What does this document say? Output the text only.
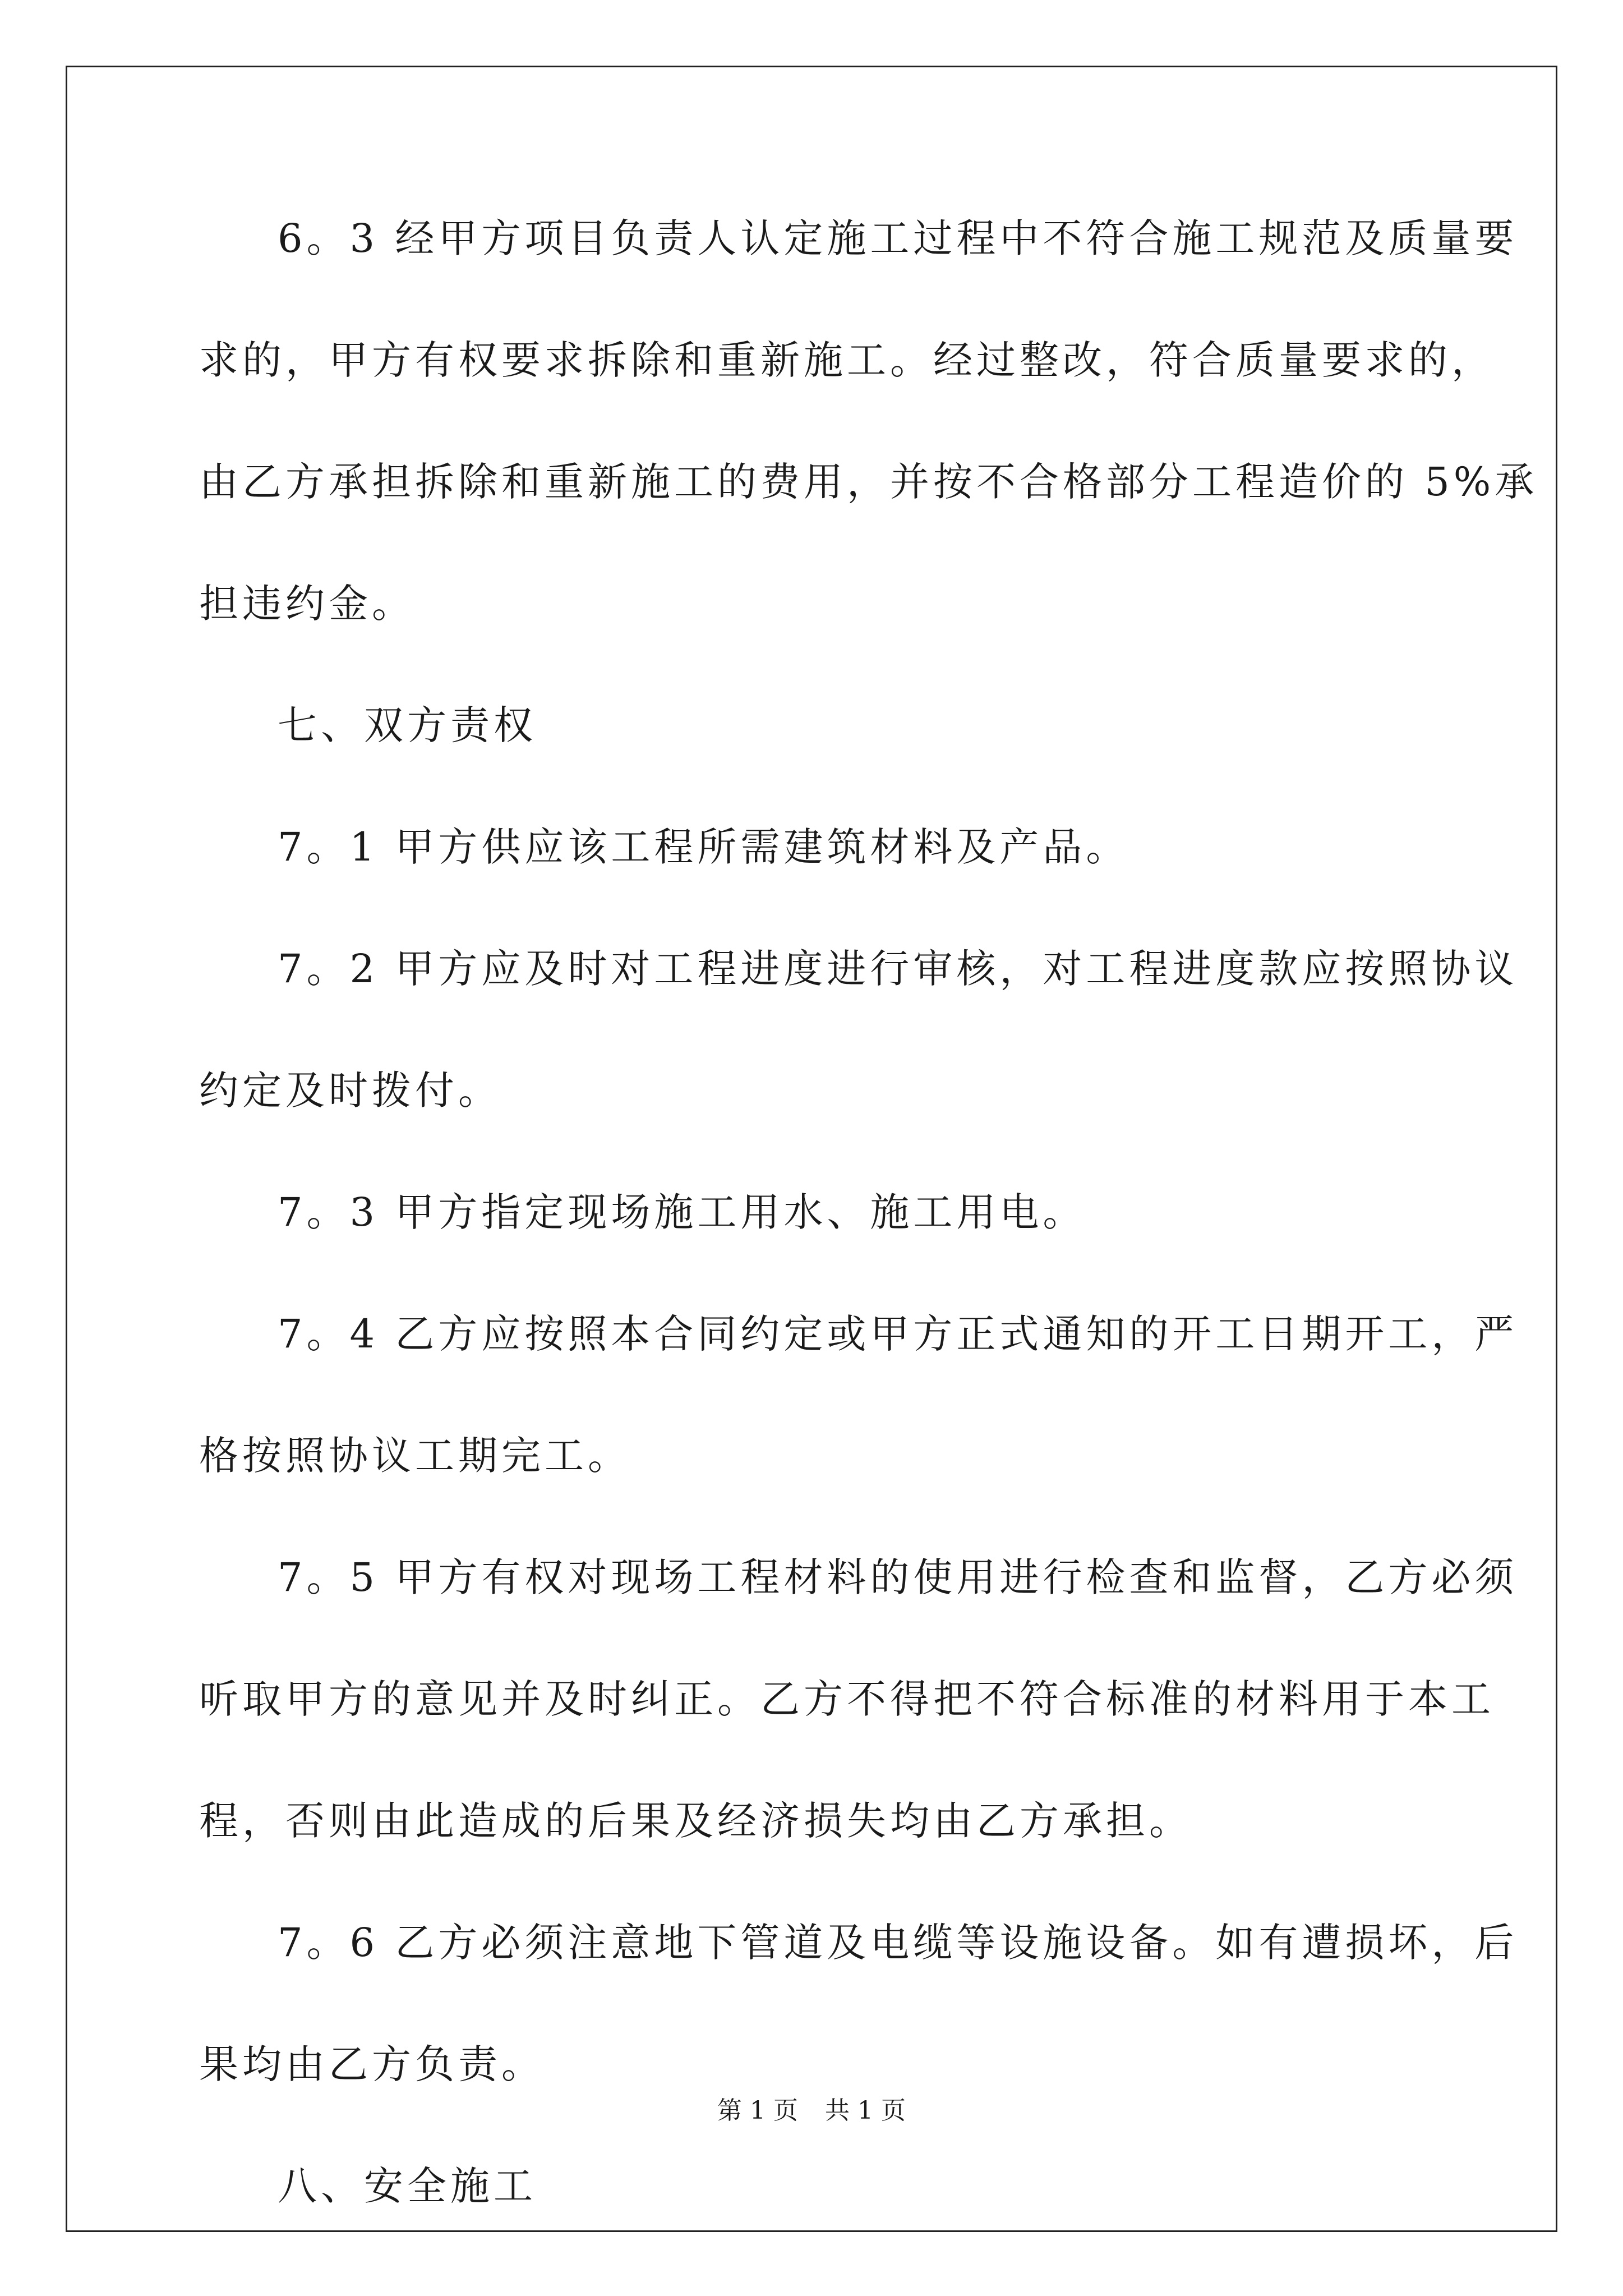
6。3 经甲方项目负责人认定施工过程中不符合施工规范及质量要
求的，甲方有权要求拆除和重新施工。经过整改，符合质量要求的，
由乙方承担拆除和重新施工的费用，并按不合格部分工程造价的 5%承
担违约金。
七、双方责权
7。1 甲方供应该工程所需建筑材料及产品。
7。2 甲方应及时对工程进度进行审核，对工程进度款应按照协议
约定及时拨付。
7。3 甲方指定现场施工用水、施工用电。
7。4 乙方应按照本合同约定或甲方正式通知的开工日期开工，严
格按照协议工期完工。
7。5 甲方有权对现场工程材料的使用进行检查和监督，乙方必须
听取甲方的意见并及时纠正。乙方不得把不符合标准的材料用于本工
程，否则由此造成的后果及经济损失均由乙方承担。
7。6 乙方必须注意地下管道及电缆等设施设备。如有遭损坏，后
果均由乙方负责。
八、安全施工
第 1 页 共 1 页
